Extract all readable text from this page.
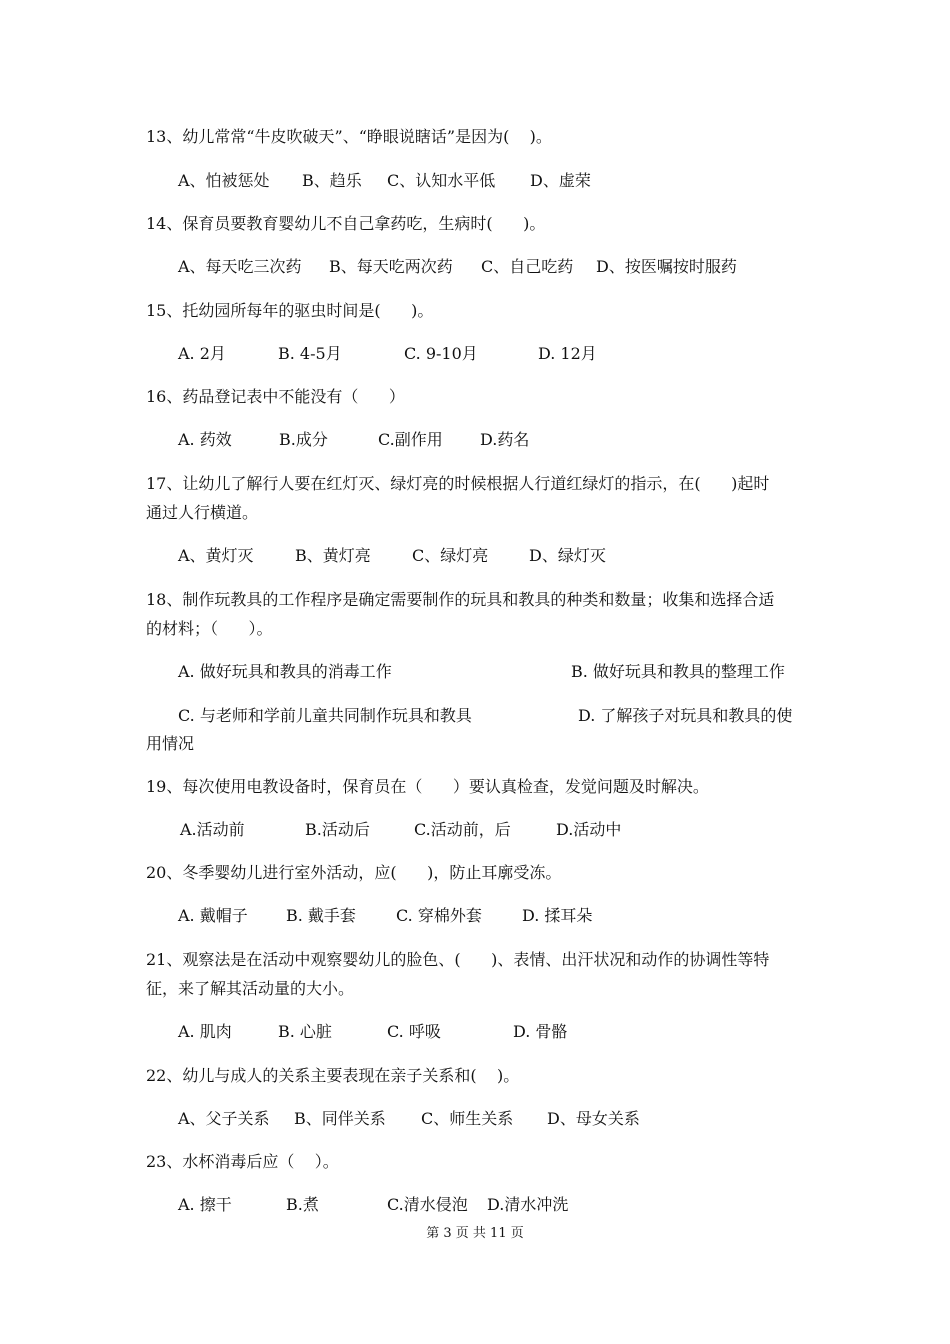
13、幼儿常常“牛皮吹破天”、“睁眼说瞎话”是因为(    )。
A、怕被惩处 B、趋乐 C、认知水平低 D、虚荣
14、保育员要教育婴幼儿不自己拿药吃，生病时(      )。
A、每天吃三次药 B、每天吃两次药 C、自己吃药 D、按医嘱按时服药
15、托幼园所每年的驱虫时间是(      )。
A. 2月	B. 4-5月	C. 9-10月	D. 12月
16、药品登记表中不能没有（      ）
A. 药效	B.成分	C.副作用 D.药名
17、让幼儿了解行人要在红灯灭、绿灯亮的时候根据人行道红绿灯的指示，在(      )起时
通过人行横道。
A、黄灯灭	B、黄灯亮	C、绿灯亮	D、绿灯灭
18、制作玩教具的工作程序是确定需要制作的玩具和教具的种类和数量；收集和选择合适
的材料；（      ）。
A. 做好玩具和教具的消毒工作	B. 做好玩具和教具的整理工作
C. 与老师和学前儿童共同制作玩具和教具	D. 了解孩子对玩具和教具的使
用情况
19、每次使用电教设备时，保育员在（      ）要认真检查，发觉问题及时解决。
A.活动前	B.活动后	C.活动前，后	D.活动中
20、冬季婴幼儿进行室外活动，应(      )，防止耳廓受冻。
A. 戴帽子 B. 戴手套	C. 穿棉外套	D. 揉耳朵
21、观察法是在活动中观察婴幼儿的脸色、(      )、表情、出汗状况和动作的协调性等特
征，来了解其活动量的大小。
A. 肌肉	B. 心脏	C. 呼吸	D. 骨骼
22、幼儿与成人的关系主要表现在亲子关系和(    )。
A、父子关系 B、同伴关系 C、师生关系 D、母女关系
23、水杯消毒后应（    ）。
A. 擦干	B.煮	C.清水侵泡 D.清水冲洗
第 3 页 共 11 页
